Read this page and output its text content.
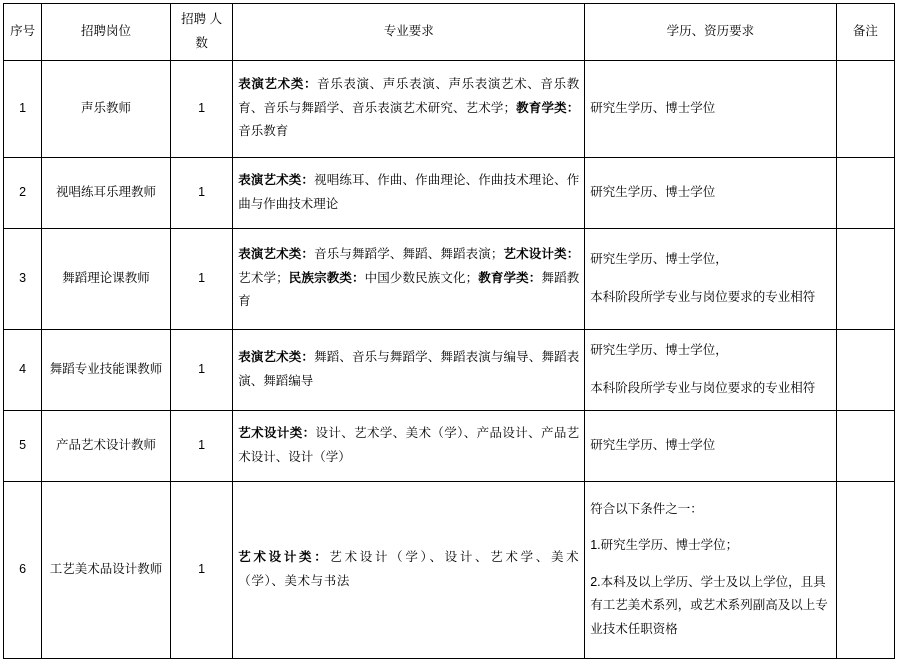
序号	招聘岗位	招聘 人数	专业要求	学历、资历要求	备注
1	声乐教师	1	表演艺术类：音乐表演、声乐表演、声乐表演艺术、音乐教育、音乐与舞蹈学、音乐表演艺术研究、艺术学；教育学类：音乐教育	研究生学历、博士学位	

2	视唱练耳乐理教师	1	表演艺术类：视唱练耳、作曲、作曲理论、作曲技术理论、作曲与作曲技术理论	研究生学历、博士学位	

3	舞蹈理论课教师	1	表演艺术类：音乐与舞蹈学、舞蹈、舞蹈表演；艺术设计类：艺术学；民族宗教类：中国少数民族文化；教育学类：舞蹈教育	研究生学历、博士学位，

本科阶段所学专业与岗位要求的专业相符	

4	舞蹈专业技能课教师	1	表演艺术类：舞蹈、音乐与舞蹈学、舞蹈表演与编导、舞蹈表演、舞蹈编导	研究生学历、博士学位，

本科阶段所学专业与岗位要求的专业相符	

5	产品艺术设计教师	1	艺术设计类：设计、艺术学、美术（学）、产品设计、产品艺术设计、设计（学）	研究生学历、博士学位	

6	工艺美术品设计教师	1	艺术设计类：艺术设计（学）、设计、艺术学、美术（学）、美术与书法	符合以下条件之一：

1.研究生学历、博士学位；

2.本科及以上学历、学士及以上学位，且具有工艺美术系列，或艺术系列副高及以上专业技术任职资格	
